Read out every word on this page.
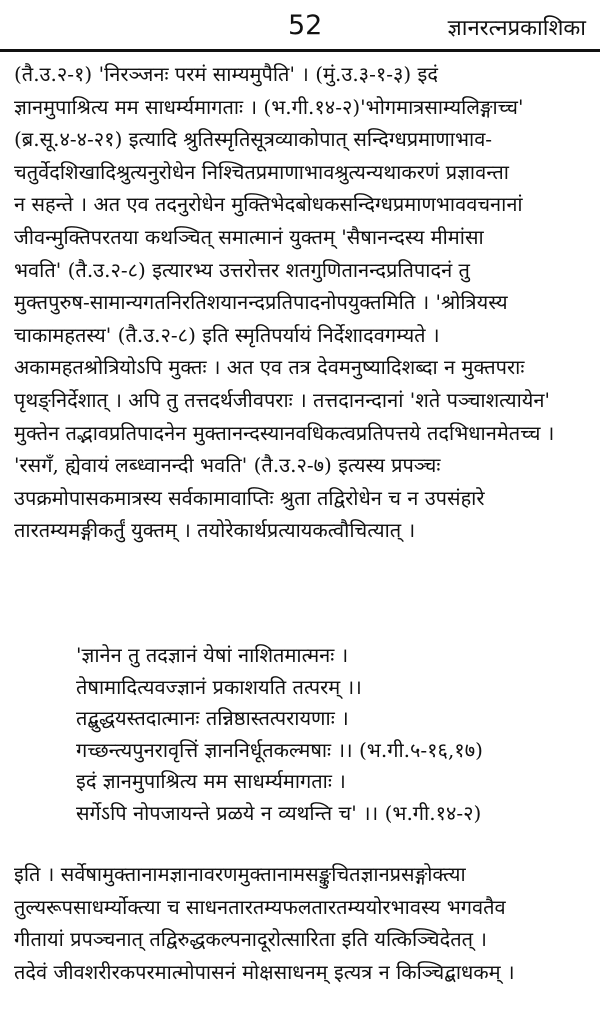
52	ज्ञानरत्नप्रकाशिका
(तै.उ.२-१) 'निरञ्जनः परमं साम्यमुपैति' । (मुं.उ.३-१-३) इदं
ज्ञानमुपाश्रित्य मम साधर्म्यमागताः । (भ.गी.१४-२)'भोगमात्रसाम्यलिङ्गाच्च'
(ब्र.सू.४-४-२१) इत्यादि श्रुतिस्मृतिसूत्रव्याकोपात् सन्दिग्धप्रमाणाभाव-
चतुर्वेदशिखादिश्रुत्यनुरोधेन निश्चितप्रमाणाभावश्रुत्यन्यथाकरणं प्रज्ञावन्ता
न सहन्ते । अत एव तदनुरोधेन मुक्तिभेदबोधकसन्दिग्धप्रमाणभाववचनानां
जीवन्मुक्तिपरतया कथञ्चित् समात्मानं युक्तम् 'सैषानन्दस्य मीमांसा
भवति' (तै.उ.२-८) इत्यारभ्य उत्तरोत्तर शतगुणितानन्दप्रतिपादनं तु
मुक्तपुरुष-सामान्यगतनिरतिशयानन्दप्रतिपादनोपयुक्तमिति । 'श्रोत्रियस्य
चाकामहतस्य' (तै.उ.२-८) इति स्मृतिपर्यायं निर्देशादवगम्यते ।
अकामहतश्रोत्रियोऽपि मुक्तः । अत एव तत्र देवमनुष्यादिशब्दा न मुक्तपराः
पृथङ्निर्देशात् । अपि तु तत्तदर्थजीवपराः । तत्तदानन्दानां 'शते पञ्चाशत्यायेन'
मुक्तेन तद्भावप्रतिपादनेन मुक्तानन्दस्यानवधिकत्वप्रतिपत्तये तदभिधानमेतच्च ।
'रसगँ, ह्येवायं लब्ध्वानन्दी भवति' (तै.उ.२-७) इत्यस्य प्रपञ्चः
उपक्रमोपासकमात्रस्य सर्वकामावाप्तिः श्रुता तद्विरोधेन च न उपसंहारे
तारतम्यमङ्गीकर्तुं युक्तम् । तयोरेकार्थप्रत्यायकत्वौचित्यात् ।
'ज्ञानेन तु तदज्ञानं येषां नाशितमात्मनः ।
तेषामादित्यवज्ज्ञानं प्रकाशयति तत्परम् ।।
तद्बुद्धयस्तदात्मानः तन्निष्ठास्तत्परायणाः ।
गच्छन्त्यपुनरावृत्तिं ज्ञाननिर्धूतकल्मषाः ।। (भ.गी.५-१६,१७)
इदं ज्ञानमुपाश्रित्य मम साधर्म्यमागताः ।
सर्गेऽपि नोपजायन्ते प्रळये न व्यथन्ति च' ।। (भ.गी.१४-२)
इति । सर्वेषामुक्तानामज्ञानावरणमुक्तानामसङ्कुचितज्ञानप्रसङ्गोक्त्या
तुल्यरूपसाधर्म्योक्त्या च साधनतारतम्यफलतारतम्ययोरभावस्य भगवतैव
गीतायां प्रपञ्चनात् तद्विरुद्धकल्पनादूरोत्सारिता इति यत्किञ्चिदेतत् ।
तदेवं जीवशरीरकपरमात्मोपासनं मोक्षसाधनम् इत्यत्र न किञ्चिद्बाधकम् ।
